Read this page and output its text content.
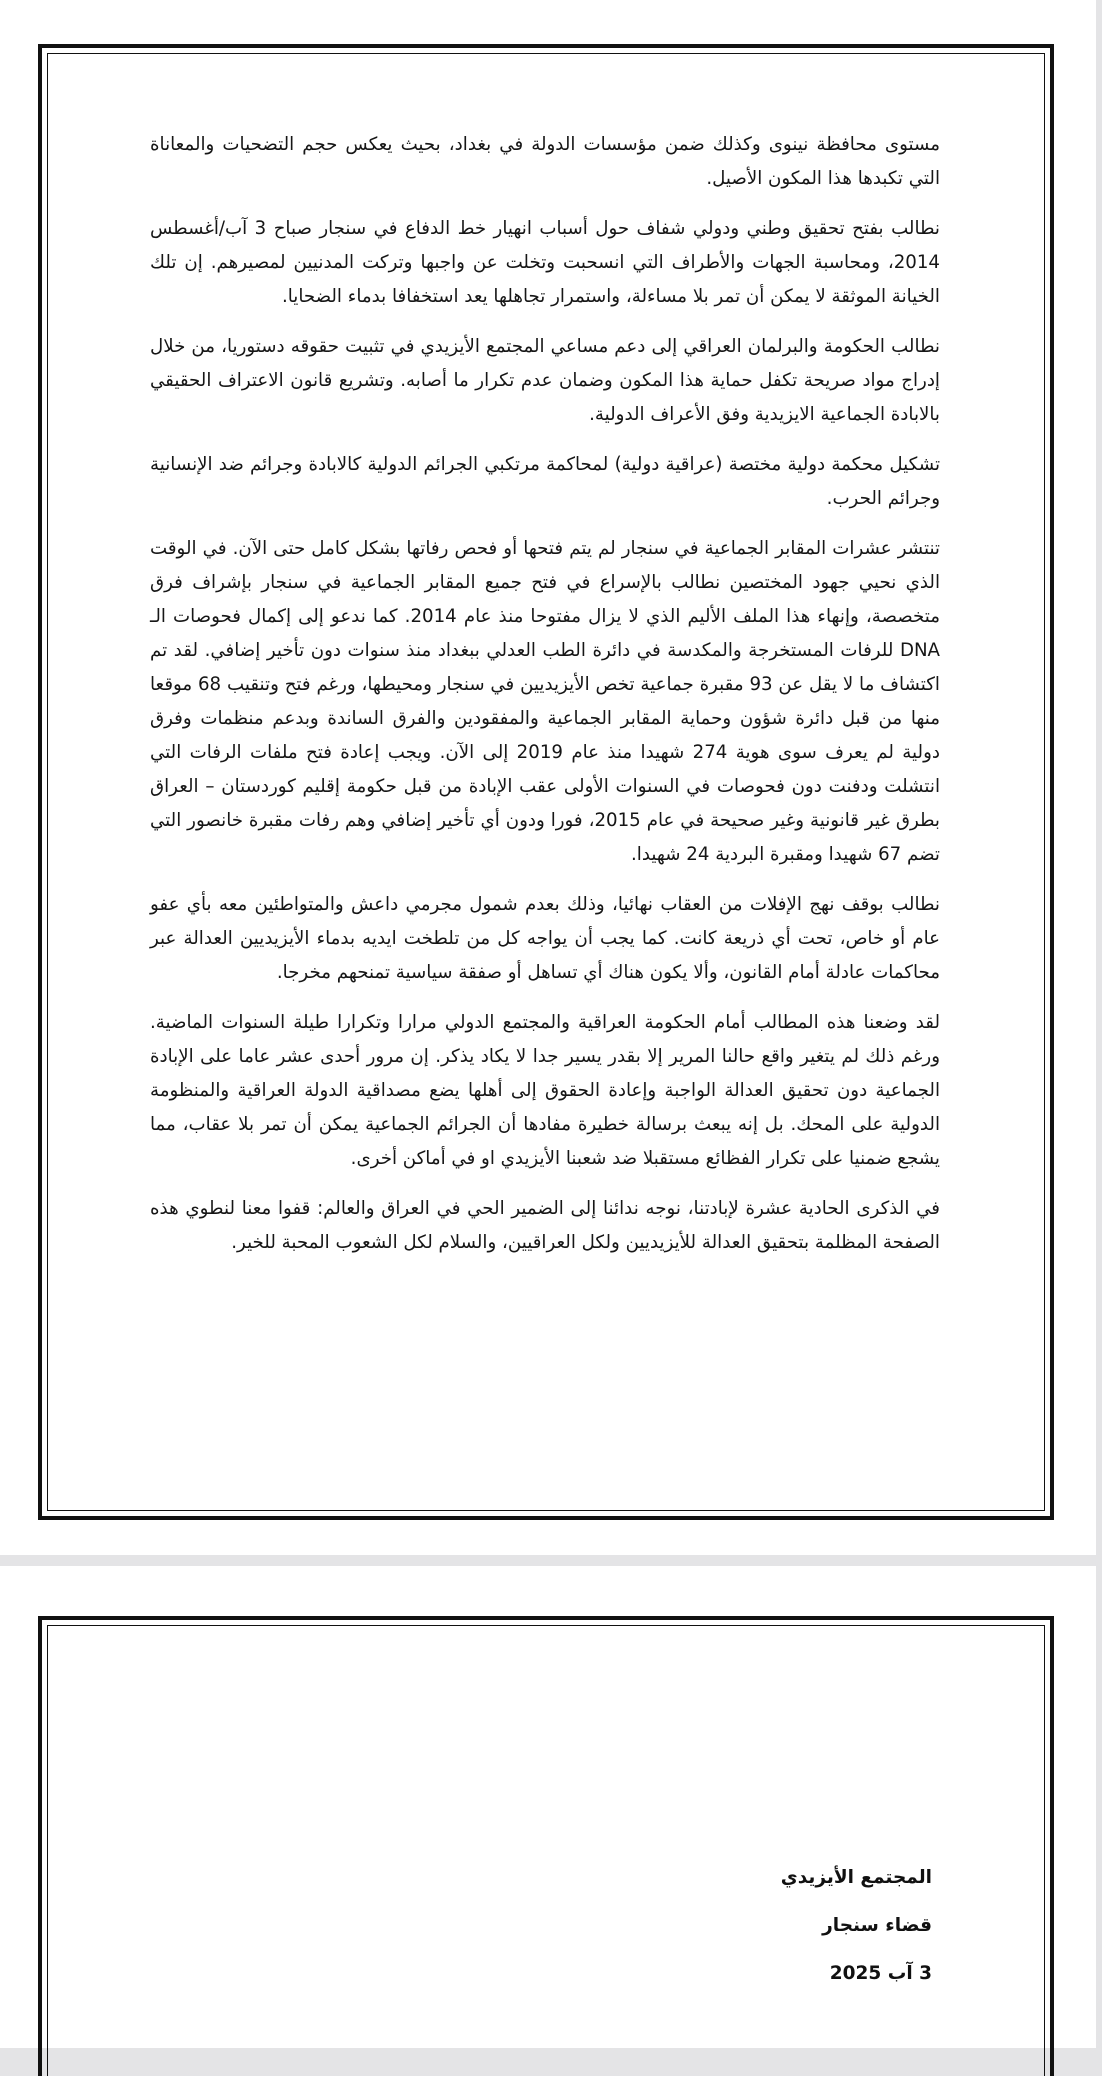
مستوى محافظة نينوى وكذلك ضمن مؤسسات الدولة في بغداد، بحيث يعكس حجم التضحيات والمعاناة التي تكبدها هذا المكون الأصيل.

نطالب بفتح تحقيق وطني ودولي شفاف حول أسباب انهيار خط الدفاع في سنجار صباح 3 آب/أغسطس 2014، ومحاسبة الجهات والأطراف التي انسحبت وتخلت عن واجبها وتركت المدنيين لمصيرهم. إن تلك الخيانة الموثقة لا يمكن أن تمر بلا مساءلة، واستمرار تجاهلها يعد استخفافا بدماء الضحايا.

نطالب الحكومة والبرلمان العراقي إلى دعم مساعي المجتمع الأيزيدي في تثبيت حقوقه دستوريا، من خلال إدراج مواد صريحة تكفل حماية هذا المكون وضمان عدم تكرار ما أصابه. وتشريع قانون الاعتراف الحقيقي بالابادة الجماعية الايزيدية وفق الأعراف الدولية.

تشكيل محكمة دولية مختصة (عراقية دولية) لمحاكمة مرتكبي الجرائم الدولية كالابادة وجرائم ضد الإنسانية وجرائم الحرب.

تنتشر عشرات المقابر الجماعية في سنجار لم يتم فتحها أو فحص رفاتها بشكل كامل حتى الآن. في الوقت الذي نحيي جهود المختصين نطالب بالإسراع في فتح جميع المقابر الجماعية في سنجار بإشراف فرق متخصصة، وإنهاء هذا الملف الأليم الذي لا يزال مفتوحا منذ عام 2014. كما ندعو إلى إكمال فحوصات الـ DNA للرفات المستخرجة والمكدسة في دائرة الطب العدلي ببغداد منذ سنوات دون تأخير إضافي. لقد تم اكتشاف ما لا يقل عن 93 مقبرة جماعية تخص الأيزيديين في سنجار ومحيطها، ورغم فتح وتنقيب 68 موقعا منها من قبل دائرة شؤون وحماية المقابر الجماعية والمفقودين والفرق الساندة وبدعم منظمات وفرق دولية لم يعرف سوى هوية 274 شهيدا منذ عام 2019 إلى الآن. ويجب إعادة فتح ملفات الرفات التي انتشلت ودفنت دون فحوصات في السنوات الأولى عقب الإبادة من قبل حكومة إقليم كوردستان – العراق بطرق غير قانونية وغير صحيحة في عام 2015، فورا ودون أي تأخير إضافي وهم رفات مقبرة خانصور التي تضم 67 شهيدا ومقبرة البردية 24 شهيدا.

نطالب بوقف نهج الإفلات من العقاب نهائيا، وذلك بعدم شمول مجرمي داعش والمتواطئين معه بأي عفو عام أو خاص، تحت أي ذريعة كانت. كما يجب أن يواجه كل من تلطخت ايديه بدماء الأيزيديين العدالة عبر محاكمات عادلة أمام القانون، وألا يكون هناك أي تساهل أو صفقة سياسية تمنحهم مخرجا.

لقد وضعنا هذه المطالب أمام الحكومة العراقية والمجتمع الدولي مرارا وتكرارا طيلة السنوات الماضية. ورغم ذلك لم يتغير واقع حالنا المرير إلا بقدر يسير جدا لا يكاد يذكر. إن مرور أحدى عشر عاما على الإبادة الجماعية دون تحقيق العدالة الواجبة وإعادة الحقوق إلى أهلها يضع مصداقية الدولة العراقية والمنظومة الدولية على المحك. بل إنه يبعث برسالة خطيرة مفادها أن الجرائم الجماعية يمكن أن تمر بلا عقاب، مما يشجع ضمنيا على تكرار الفظائع مستقبلا ضد شعبنا الأيزيدي او في أماكن أخرى.

في الذكرى الحادية عشرة لإبادتنا، نوجه ندائنا إلى الضمير الحي في العراق والعالم: قفوا معنا لنطوي هذه الصفحة المظلمة بتحقيق العدالة للأيزيديين ولكل العراقيين، والسلام لكل الشعوب المحبة للخير.

المجتمع الأيزيدي
قضاء سنجار
3 آب 2025
